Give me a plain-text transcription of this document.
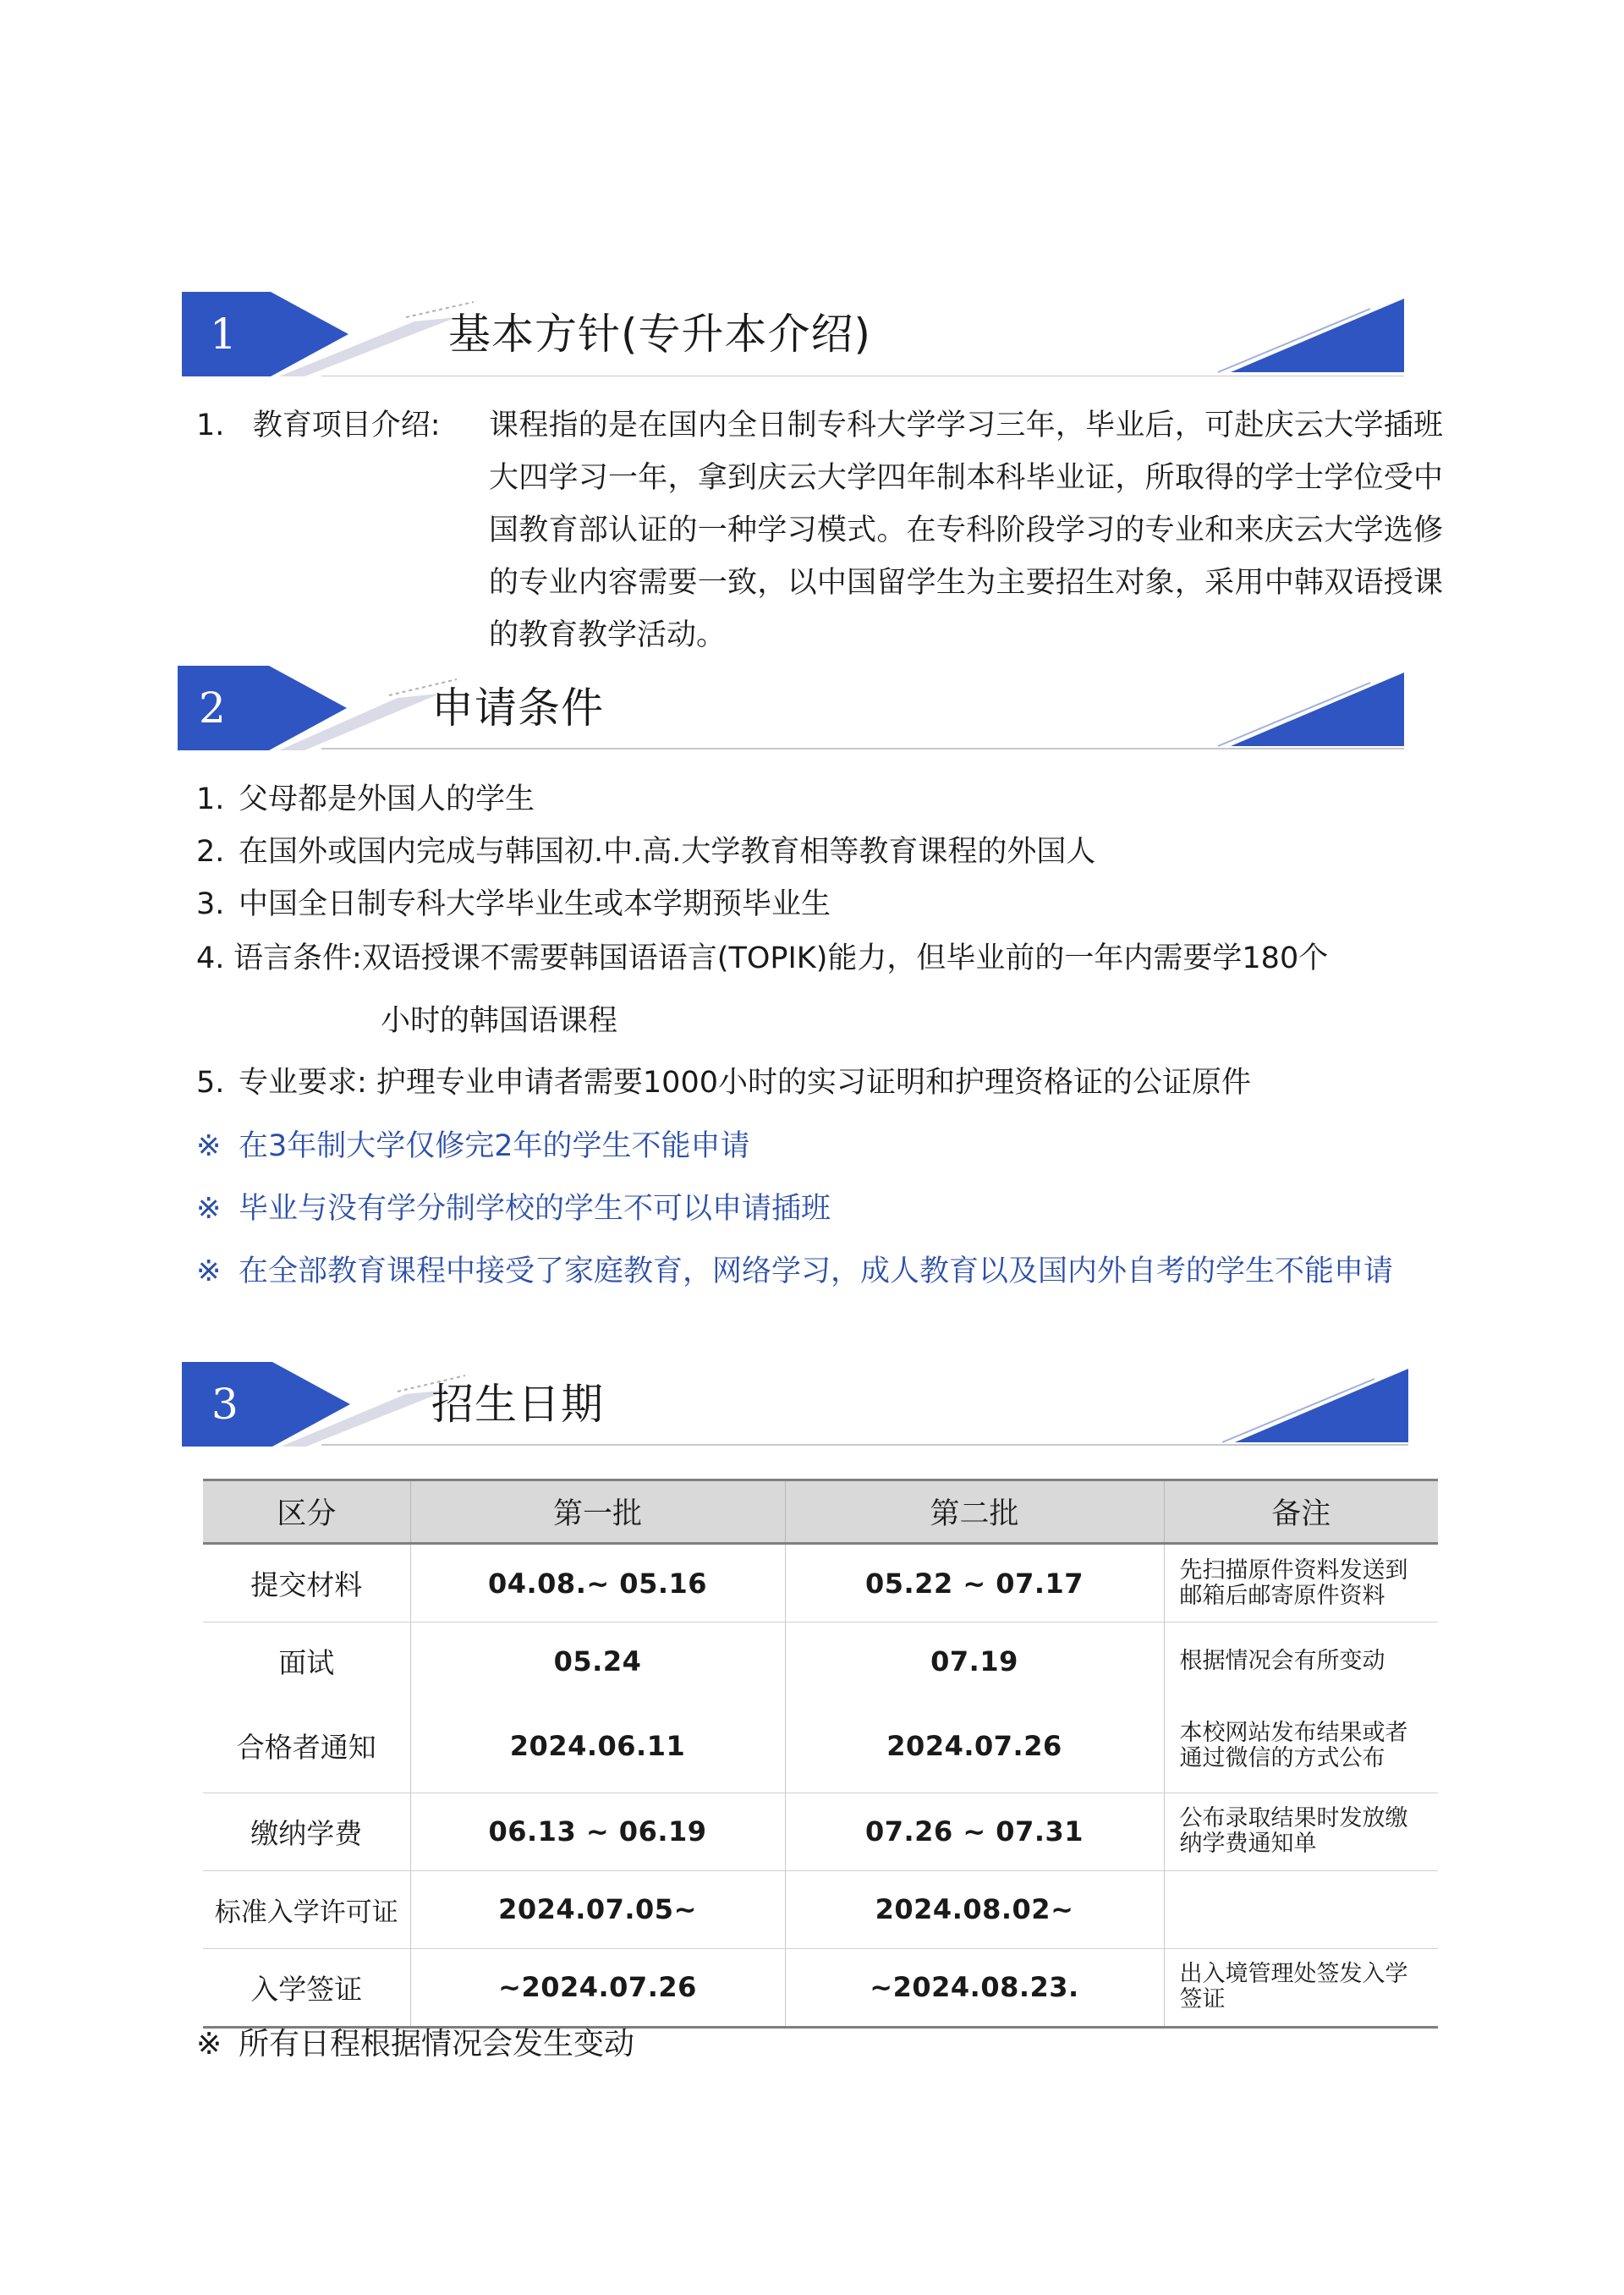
1	基本方针(专升本介绍)
1. 教育项目介绍: 课程指的是在国内全日制专科大学学习三年，毕业后，可赴庆云大学插班大四学习一年，拿到庆云大学四年制本科毕业证，所取得的学士学位受中国教育部认证的一种学习模式。在专科阶段学习的专业和来庆云大学选修的专业内容需要一致，以中国留学生为主要招生对象，采用中韩双语授课的教育教学活动。
2	申请条件
1. 父母都是外国人的学生
2. 在国外或国内完成与韩国初.中.高.大学教育相等教育课程的外国人
3. 中国全日制专科大学毕业生或本学期预毕业生
4. 语言条件:双语授课不需要韩国语语言(TOPIK)能力，但毕业前的一年内需要学180个
小时的韩国语课程
5. 专业要求: 护理专业申请者需要1000小时的实习证明和护理资格证的公证原件
※ 在3年制大学仅修完2年的学生不能申请
※ 毕业与没有学分制学校的学生不可以申请插班
※ 在全部教育课程中接受了家庭教育，网络学习，成人教育以及国内外自考的学生不能申请
3	招生日期
区分	第一批	第二批	备注
提交材料	04.08.~ 05.16	05.22 ~ 07.17	先扫描原件资料发送到邮箱后邮寄原件资料
面试	05.24	07.19	根据情况会有所变动
合格者通知	2024.06.11	2024.07.26	本校网站发布结果或者通过微信的方式公布
缴纳学费	06.13 ~ 06.19	07.26 ~ 07.31	公布录取结果时发放缴纳学费通知单
标准入学许可证	2024.07.05~	2024.08.02~	
入学签证	~2024.07.26	~2024.08.23.	出入境管理处签发入学签证
※ 所有日程根据情况会发生变动
